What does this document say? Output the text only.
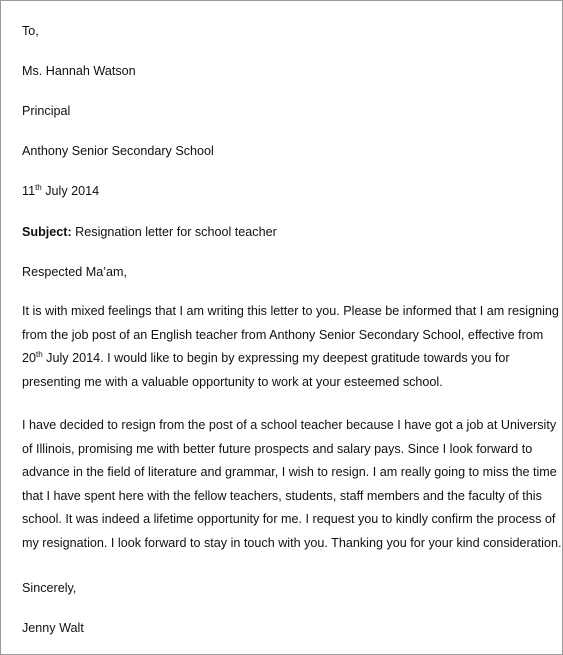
To,
Ms. Hannah Watson
Principal
Anthony Senior Secondary School
11th July 2014
Subject: Resignation letter for school teacher
Respected Ma’am,
It is with mixed feelings that I am writing this letter to you. Please be informed that I am resigning
from the job post of an English teacher from Anthony Senior Secondary School, effective from
20th July 2014. I would like to begin by expressing my deepest gratitude towards you for
presenting me with a valuable opportunity to work at your esteemed school.
I have decided to resign from the post of a school teacher because I have got a job at University
of Illinois, promising me with better future prospects and salary pays. Since I look forward to
advance in the field of literature and grammar, I wish to resign. I am really going to miss the time
that I have spent here with the fellow teachers, students, staff members and the faculty of this
school. It was indeed a lifetime opportunity for me. I request you to kindly confirm the process of
my resignation. I look forward to stay in touch with you. Thanking you for your kind consideration.
Sincerely,
Jenny Walt
